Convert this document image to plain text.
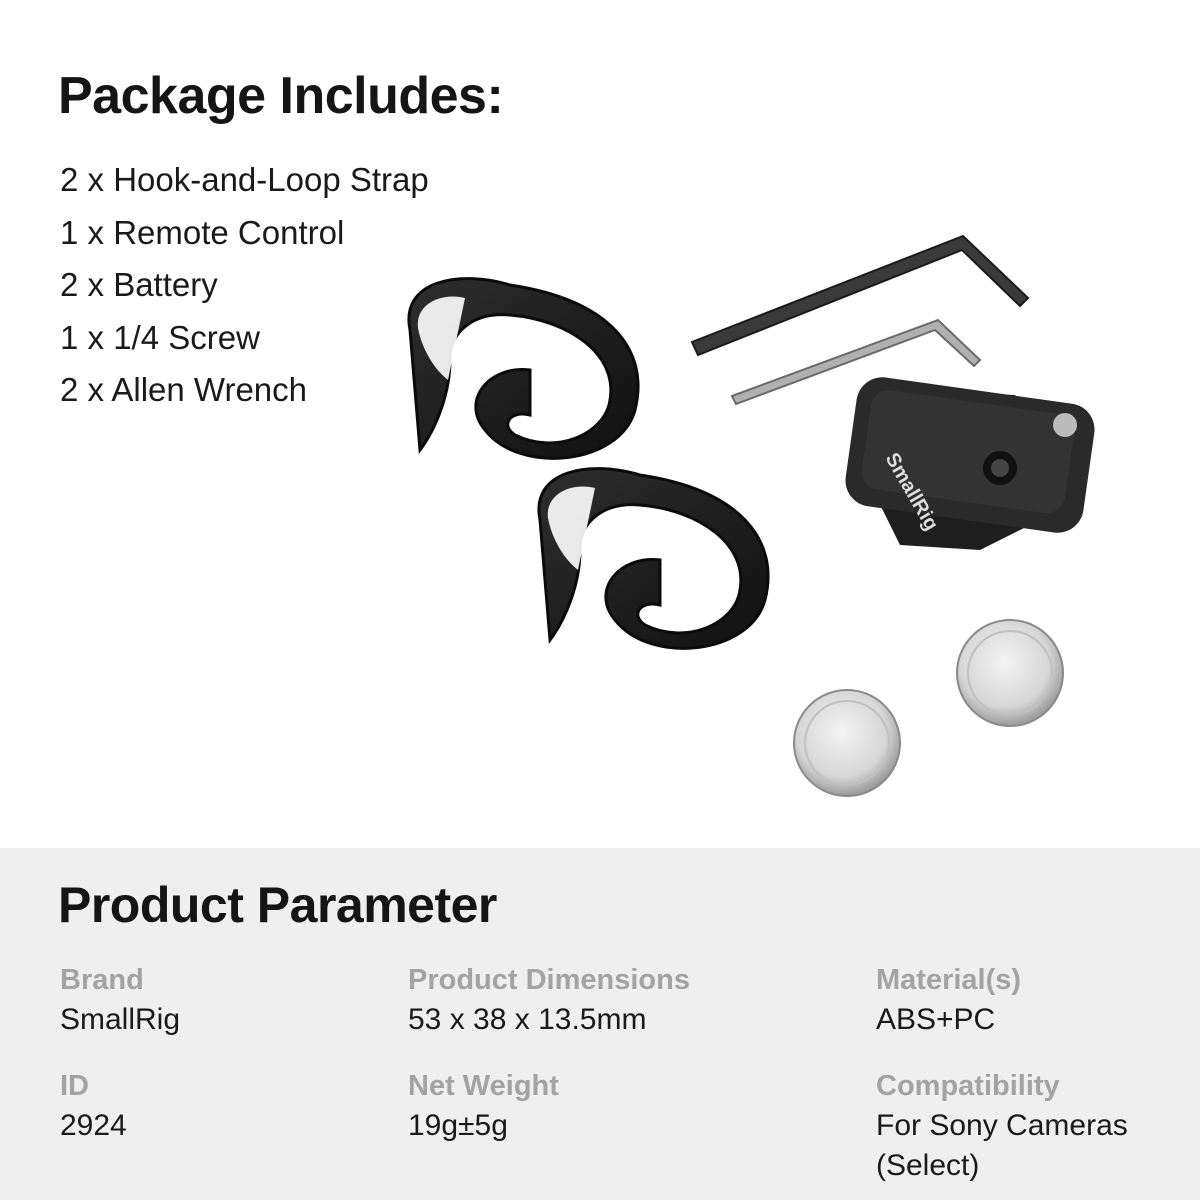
Package Includes:
2 x Hook-and-Loop Strap
1 x Remote Control
2 x Battery
1 x 1/4 Screw
2 x Allen Wrench
SmallRig
Product Parameter
Brand
SmallRig
Product Dimensions
53 x 38 x 13.5mm
Material(s)
ABS+PC
ID
2924
Net Weight
19g±5g
Compatibility
For Sony Cameras
(Select)
